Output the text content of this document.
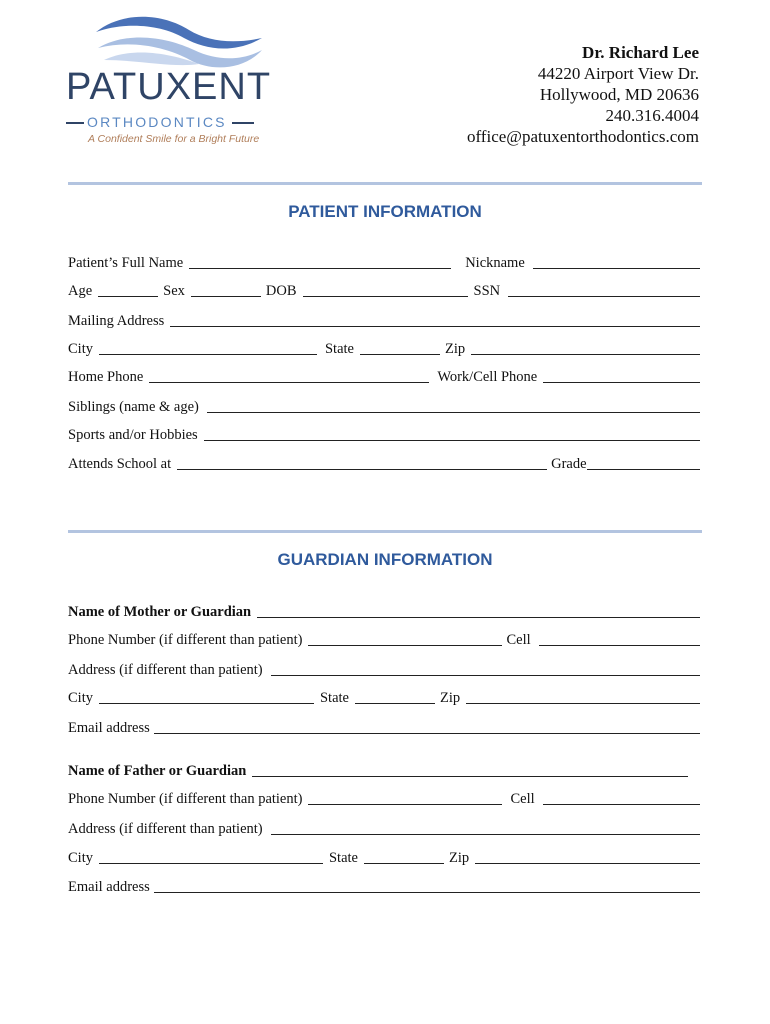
PATUXENT
ORTHODONTICS
A Confident Smile for a Bright Future
Dr. Richard Lee
44220 Airport View Dr.
Hollywood, MD 20636
240.316.4004
office@patuxentorthodontics.com
PATIENT INFORMATION
Patient’s Full Name	Nickname
Age	Sex	DOB	SSN
Mailing Address
City	State	Zip
Home Phone	Work/Cell Phone
Siblings (name & age)
Sports and/or Hobbies
Attends School at	Grade
GUARDIAN INFORMATION
Name of Mother or Guardian
Phone Number (if different than patient)	Cell
Address (if different than patient)
City	State	Zip
Email address
Name of Father or Guardian
Phone Number (if different than patient)	Cell
Address (if different than patient)
City	State	Zip
Email address
